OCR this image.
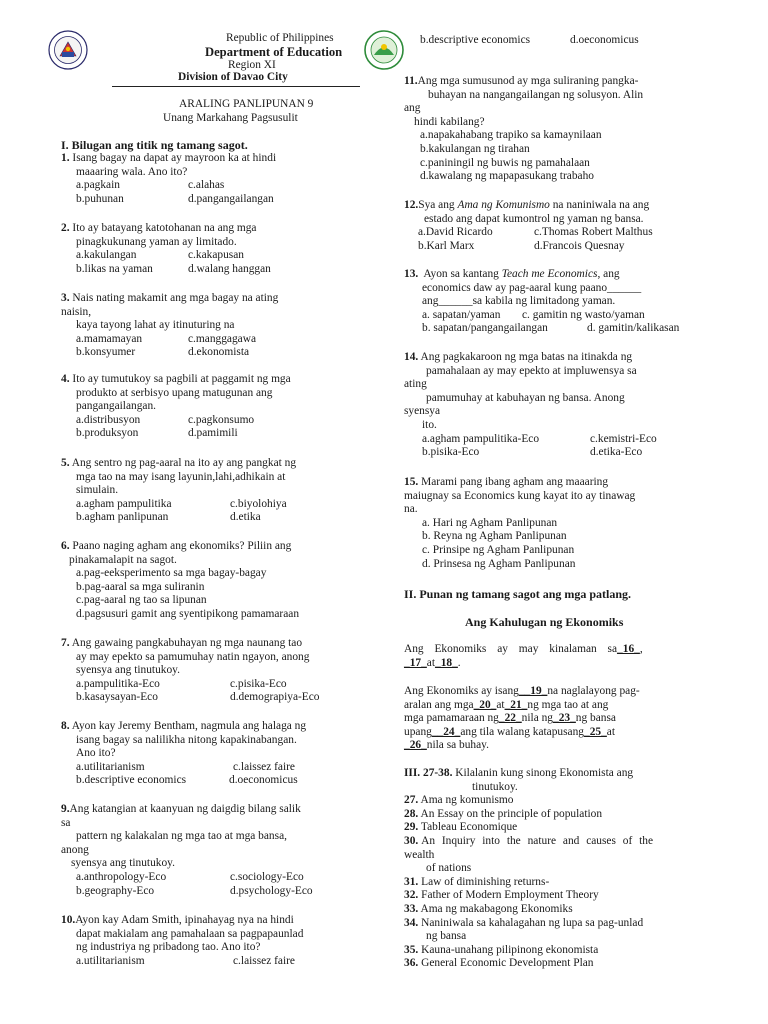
Republic of Philippines
Department of Education
Region XI
Division of Davao City
ARALING PANLIPUNAN 9
Unang Markahang Pagsusulit
I. Bilugan ang titik ng tamang sagot.
1. Isang bagay na dapat ay mayroon ka at hindi
maaaring wala. Ano ito?
a.pagkain	c.alahas
b.puhunan	d.pangangailangan
2. Ito ay batayang katotohanan na ang mga
pinagkukunang yaman ay limitado.
a.kakulangan	c.kakapusan
b.likas na yaman	d.walang hanggan
3. Nais nating makamit ang mga bagay na ating
naisin,
kaya tayong lahat ay itinuturing na
a.mamamayan	c.manggagawa
b.konsyumer	d.ekonomista
4. Ito ay tumutukoy sa pagbili at paggamit ng mga
produkto at serbisyo upang matugunan ang
pangangailangan.
a.distribusyon	c.pagkonsumo
b.produksyon	d.pamimili
5. Ang sentro ng pag-aaral na ito ay ang pangkat ng
mga tao na may isang layunin,lahi,adhikain at
simulain.
a.agham pampulitika	c.biyolohiya
b.agham panlipunan	d.etika
6. Paano naging agham ang ekonomiks? Piliin ang
pinakamalapit na sagot.
a.pag-eeksperimento sa mga bagay-bagay
b.pag-aaral sa mga suliranin
c.pag-aaral ng tao sa lipunan
d.pagsusuri gamit ang syentipikong pamamaraan
7. Ang gawaing pangkabuhayan ng mga naunang tao
ay may epekto sa pamumuhay natin ngayon, anong
syensya ang tinutukoy.
a.pampulitika-Eco	c.pisika-Eco
b.kasaysayan-Eco	d.demograpiya-Eco
8. Ayon kay Jeremy Bentham, nagmula ang halaga ng
isang bagay sa nalilikha nitong kapakinabangan.
Ano ito?
a.utilitarianism	c.laissez faire
b.descriptive economics	d.oeconomicus
9.Ang katangian at kaanyuan ng daigdig bilang salik
sa
pattern ng kalakalan ng mga tao at mga bansa,
anong
syensya ang tinutukoy.
a.anthropology-Eco	c.sociology-Eco
b.geography-Eco	d.psychology-Eco
10.Ayon kay Adam Smith, ipinahayag nya na hindi
dapat makialam ang pamahalaan sa pagpapaunlad
ng industriya ng pribadong tao. Ano ito?
a.utilitarianism	c.laissez faire
b.descriptive economics	d.oeconomicus
11.Ang mga sumusunod ay mga suliraning pangka-
buhayan na nangangailangan ng solusyon. Alin
ang
hindi kabilang?
a.napakahabang trapiko sa kamaynilaan
b.kakulangan ng tirahan
c.paniningil ng buwis ng pamahalaan
d.kawalang ng mapapasukang trabaho
12.Sya ang Ama ng Komunismo na naniniwala na ang
estado ang dapat kumontrol ng yaman ng bansa.
a.David Ricardo	c.Thomas Robert Malthus
b.Karl Marx	d.Francois Quesnay
13. Ayon sa kantang Teach me Economics, ang
economics daw ay pag-aaral kung paano______
ang______sa kabila ng limitadong yaman.
a. sapatan/yaman c. gamitin ng wasto/yaman
b. sapatan/pangangailangan	d. gamitin/kalikasan
14. Ang pagkakaroon ng mga batas na itinakda ng
pamahalaan ay may epekto at impluwensya sa
ating
pamumuhay at kabuhayan ng bansa. Anong
syensya
ito.
a.agham pampulitika-Eco	c.kemistri-Eco
b.pisika-Eco	d.etika-Eco
15. Marami pang ibang agham ang maaaring
maiugnay sa Economics kung kayat ito ay tinawag
na.
a. Hari ng Agham Panlipunan
b. Reyna ng Agham Panlipunan
c. Prinsipe ng Agham Panlipunan
d. Prinsesa ng Agham Panlipunan
II. Punan ng tamang sagot ang mga patlang.
Ang Kahulugan ng Ekonomiks
Ang Ekonomiks ay may kinalaman sa_16_,
_17_at_18_.
Ang Ekonomiks ay isang__19_na naglalayong pag-
aralan ang mga_20_at_21_ng mga tao at ang
mga pamamaraan ng_22_nila ng_23_ng bansa
upang__24_ang tila walang katapusang_25_at
_26_nila sa buhay.
III. 27-38. Kilalanin kung sinong Ekonomista ang
tinutukoy.
27. Ama ng komunismo
28. An Essay on the principle of population
29. Tableau Economique
30. An Inquiry into the nature and causes of the
wealth
of nations
31. Law of diminishing returns-
32. Father of Modern Employment Theory
33. Ama ng makabagong Ekonomiks
34. Naniniwala sa kahalagahan ng lupa sa pag-unlad
ng bansa
35. Kauna-unahang pilipinong ekonomista
36. General Economic Development Plan
